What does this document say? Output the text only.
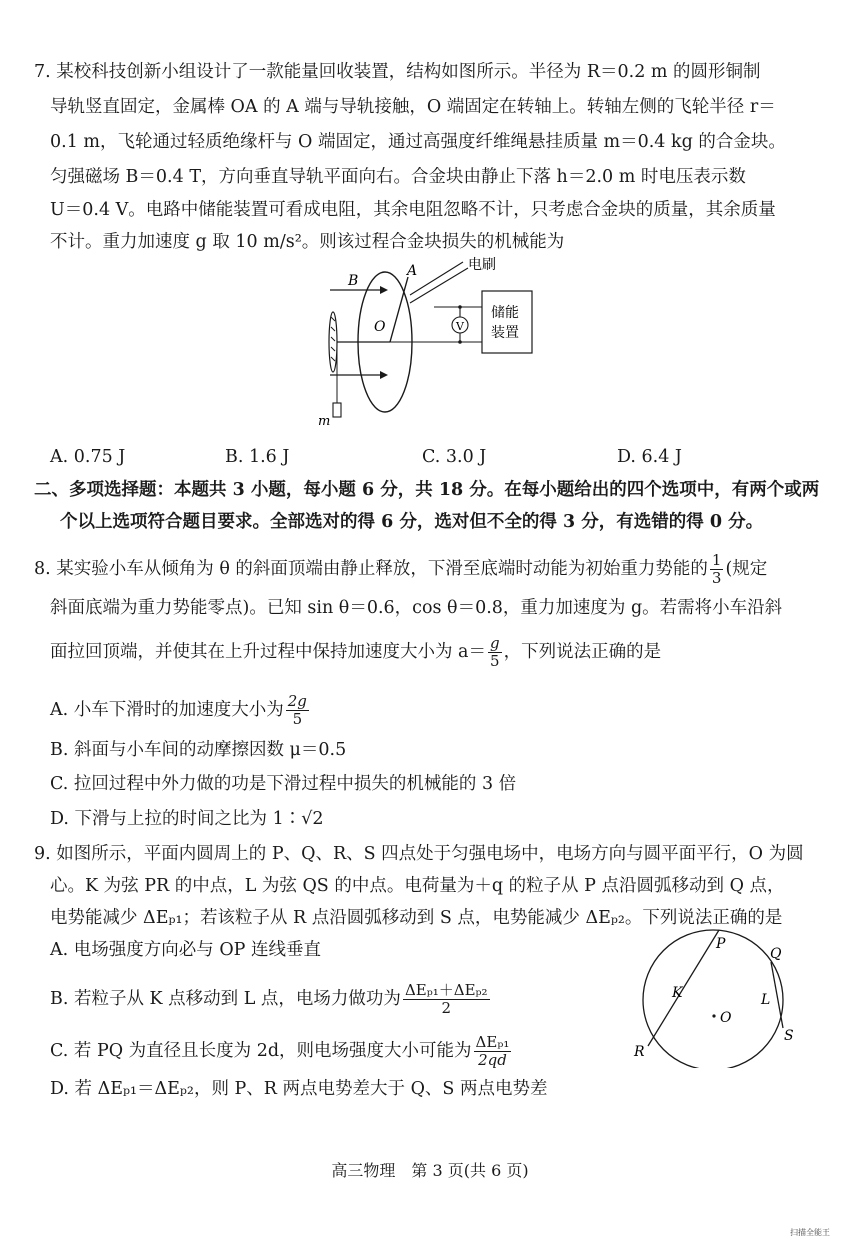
7. 某校科技创新小组设计了一款能量回收装置，结构如图所示。半径为 R＝0.2 m 的圆形铜制
导轨竖直固定，金属棒 OA 的 A 端与导轨接触，O 端固定在转轴上。转轴左侧的飞轮半径 r＝
0.1 m，飞轮通过轻质绝缘杆与 O 端固定，通过高强度纤维绳悬挂质量 m＝0.4 kg 的合金块。
匀强磁场 B＝0.4 T，方向垂直导轨平面向右。合金块由静止下落 h＝2.0 m 时电压表示数
U＝0.4 V。电路中储能装置可看成电阻，其余电阻忽略不计，只考虑合金块的质量，其余质量
不计。重力加速度 g 取 10 m/s²。则该过程合金块损失的机械能为
B
m
A
O
电刷
V
储能
装置
A. 0.75 J	B. 1.6 J	C. 3.0 J	D. 6.4 J
二、多项选择题：本题共 3 小题，每小题 6 分，共 18 分。在每小题给出的四个选项中，有两个或两
个以上选项符合题目要求。全部选对的得 6 分，选对但不全的得 3 分，有选错的得 0 分。
8. 某实验小车从倾角为 θ 的斜面顶端由静止释放，下滑至底端时动能为初始重力势能的 $\frac{1}{3}$ (规定
斜面底端为重力势能零点)。已知 sin θ＝0.6，cos θ＝0.8，重力加速度为 g。若需将小车沿斜
面拉回顶端，并使其在上升过程中保持加速度大小为 $a= \frac{g}{5}$ ，下列说法正确的是
A. 小车下滑时的加速度大小为 $\frac{2g}{5}$
B. 斜面与小车间的动摩擦因数 μ＝0.5
C. 拉回过程中外力做的功是下滑过程中损失的机械能的 3 倍
D. 下滑与上拉的时间之比为 1∶√2
9. 如图所示，平面内圆周上的 P、Q、R、S 四点处于匀强电场中，电场方向与圆平面平行，O 为圆
心。K 为弦 PR 的中点，L 为弦 QS 的中点。电荷量为＋q 的粒子从 P 点沿圆弧移动到 Q 点，
电势能减少 ΔEₚ₁；若该粒子从 R 点沿圆弧移动到 S 点，电势能减少 ΔEₚ₂。下列说法正确的是
A. 电场强度方向必与 OP 连线垂直
B. 若粒子从 K 点移动到 L 点，电场力做功为 $\frac{\text{ΔEₚ₁＋ΔEₚ₂}}{2}$
C. 若 PQ 为直径且长度为 2d，则电场强度大小可能为 $\frac{\text{ΔEₚ₁}}{2qd}$
D. 若 ΔEₚ₁＝ΔEₚ₂，则 P、R 两点电势差大于 Q、S 两点电势差
P
Q
R
S
K	L
O
高三物理　第 3 页(共 6 页)
扫描全能王
